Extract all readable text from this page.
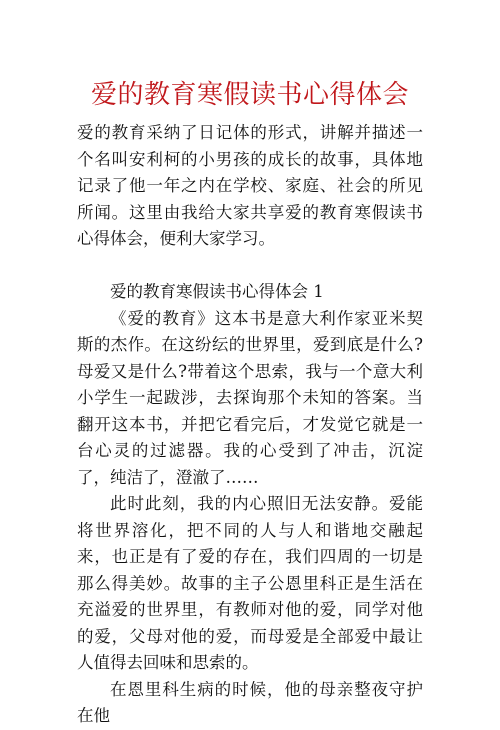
爱的教育寒假读书心得体会

爱的教育采纳了日记体的形式，讲解并描述一个名叫安利柯的小男孩的成长的故事，具体地记录了他一年之内在学校、家庭、社会的所见所闻。这里由我给大家共享爱的教育寒假读书心得体会，便利大家学习。

爱的教育寒假读书心得体会 1

《爱的教育》这本书是意大利作家亚米契斯的杰作。在这纷纭的世界里，爱到底是什么?母爱又是什么?带着这个思索，我与一个意大利小学生一起跋涉，去探询那个未知的答案。当翻开这本书，并把它看完后，才发觉它就是一台心灵的过滤器。我的心受到了冲击，沉淀了，纯洁了，澄澈了……

此时此刻，我的内心照旧无法安静。爱能将世界溶化，把不同的人与人和谐地交融起来，也正是有了爱的存在，我们四周的一切是那么得美妙。故事的主子公恩里科正是生活在充溢爱的世界里，有教师对他的爱，同学对他的爱，父母对他的爱，而母爱是全部爱中最让人值得去回味和思索的。

在恩里科生病的时候，他的母亲整夜守护在他
